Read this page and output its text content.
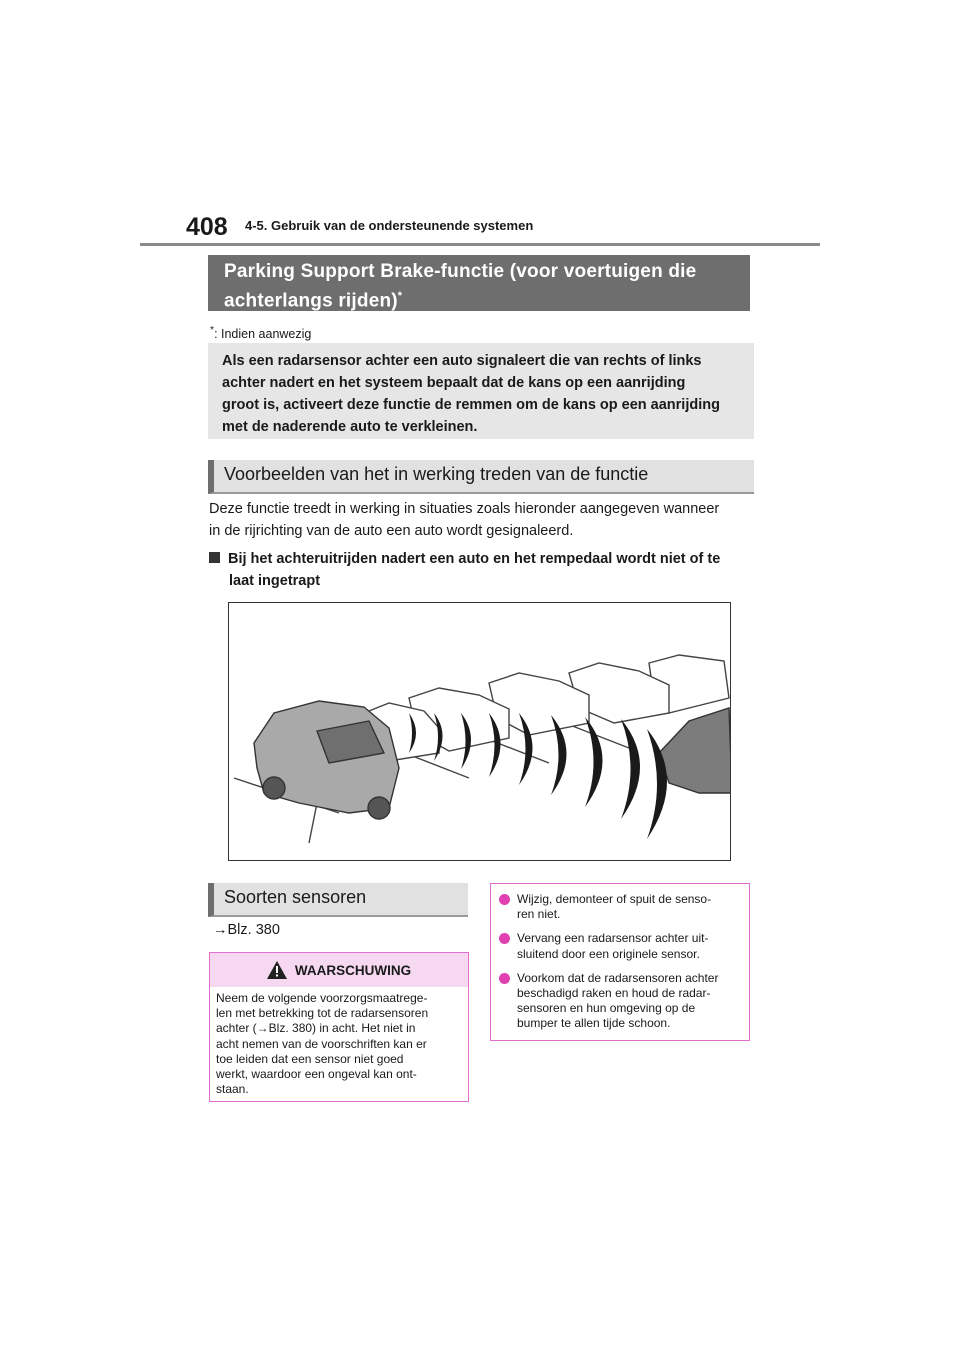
408 4-5. Gebruik van de ondersteunende systemen
Parking Support Brake-functie (voor voertuigen die
achterlangs rijden)*
*: Indien aanwezig
Als een radarsensor achter een auto signaleert die van rechts of links
achter nadert en het systeem bepaalt dat de kans op een aanrijding
groot is, activeert deze functie de remmen om de kans op een aanrijding
met de naderende auto te verkleinen.
Voorbeelden van het in werking treden van de functie
Deze functie treedt in werking in situaties zoals hieronder aangegeven wanneer
in de rijrichting van de auto een auto wordt gesignaleerd.
Bij het achteruitrijden nadert een auto en het rempedaal wordt niet of te
laat ingetrapt
Soorten sensoren
→Blz. 380
WAARSCHUWING
Neem de volgende voorzorgsmaatrege-
len met betrekking tot de radarsensoren
achter (→Blz. 380) in acht. Het niet in
acht nemen van de voorschriften kan er
toe leiden dat een sensor niet goed
werkt, waardoor een ongeval kan ont-
staan.
Wijzig, demonteer of spuit de senso-
ren niet.
Vervang een radarsensor achter uit-
sluitend door een originele sensor.
Voorkom dat de radarsensoren achter
beschadigd raken en houd de radar-
sensoren en hun omgeving op de
bumper te allen tijde schoon.
